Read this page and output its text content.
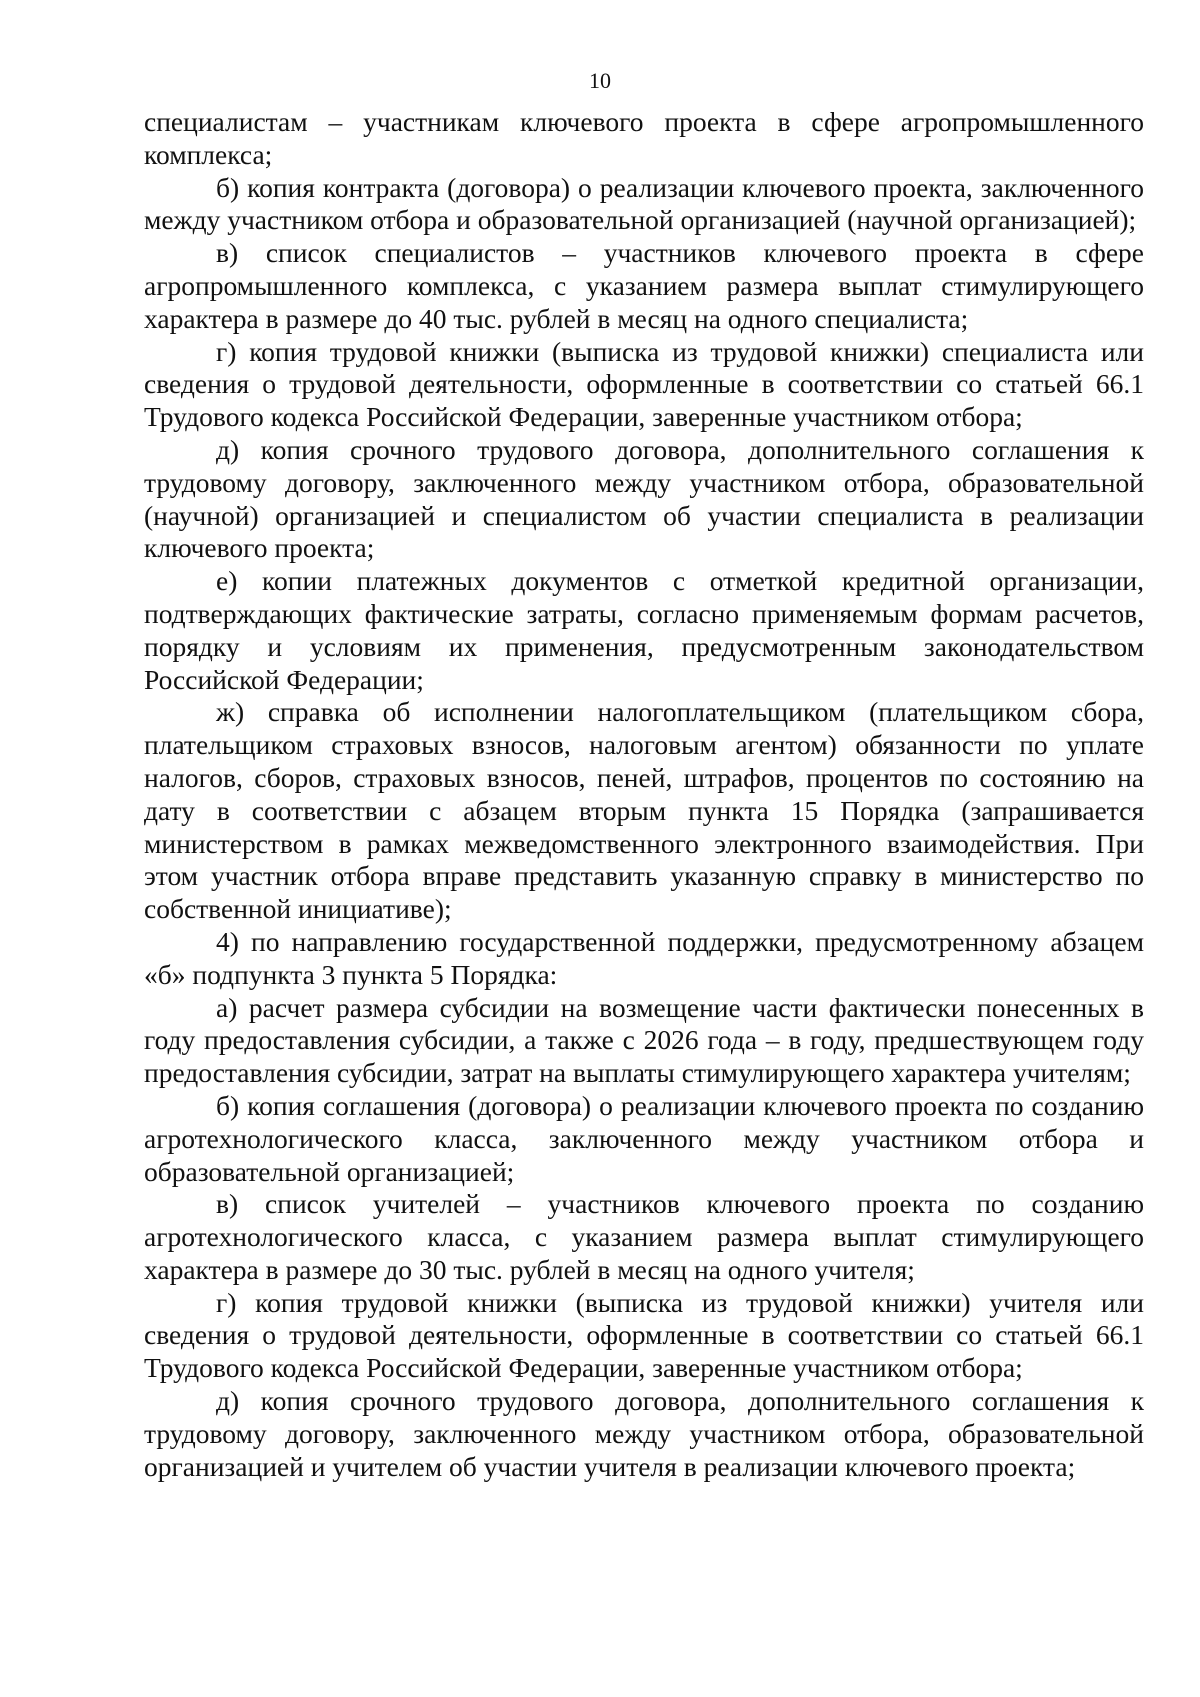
10

специалистам – участникам ключевого проекта в сфере агропромышленного комплекса;

б) копия контракта (договора) о реализации ключевого проекта, заключенного между участником отбора и образовательной организацией (научной организацией);

в) список специалистов – участников ключевого проекта в сфере агропромышленного комплекса, с указанием размера выплат стимулирующего характера в размере до 40 тыс. рублей в месяц на одного специалиста;

г) копия трудовой книжки (выписка из трудовой книжки) специалиста или сведения о трудовой деятельности, оформленные в соответствии со статьей 66.1 Трудового кодекса Российской Федерации, заверенные участником отбора;

д) копия срочного трудового договора, дополнительного соглашения к трудовому договору, заключенного между участником отбора, образовательной (научной) организацией и специалистом об участии специалиста в реализации ключевого проекта;

е) копии платежных документов с отметкой кредитной организации, подтверждающих фактические затраты, согласно применяемым формам расчетов, порядку и условиям их применения, предусмотренным законодательством Российской Федерации;

ж) справка об исполнении налогоплательщиком (плательщиком сбора, плательщиком страховых взносов, налоговым агентом) обязанности по уплате налогов, сборов, страховых взносов, пеней, штрафов, процентов по состоянию на дату в соответствии с абзацем вторым пункта 15 Порядка (запрашивается министерством в рамках межведомственного электронного взаимодействия. При этом участник отбора вправе представить указанную справку в министерство по собственной инициативе);

4) по направлению государственной поддержки, предусмотренному абзацем «б» подпункта 3 пункта 5 Порядка:

а) расчет размера субсидии на возмещение части фактически понесенных в году предоставления субсидии, а также с 2026 года – в году, предшествующем году предоставления субсидии, затрат на выплаты стимулирующего характера учителям;

б) копия соглашения (договора) о реализации ключевого проекта по созданию агротехнологического класса, заключенного между участником отбора и образовательной организацией;

в) список учителей – участников ключевого проекта по созданию агротехнологического класса, с указанием размера выплат стимулирующего характера в размере до 30 тыс. рублей в месяц на одного учителя;

г) копия трудовой книжки (выписка из трудовой книжки) учителя или сведения о трудовой деятельности, оформленные в соответствии со статьей 66.1 Трудового кодекса Российской Федерации, заверенные участником отбора;

д) копия срочного трудового договора, дополнительного соглашения к трудовому договору, заключенного между участником отбора, образовательной организацией и учителем об участии учителя в реализации ключевого проекта;
